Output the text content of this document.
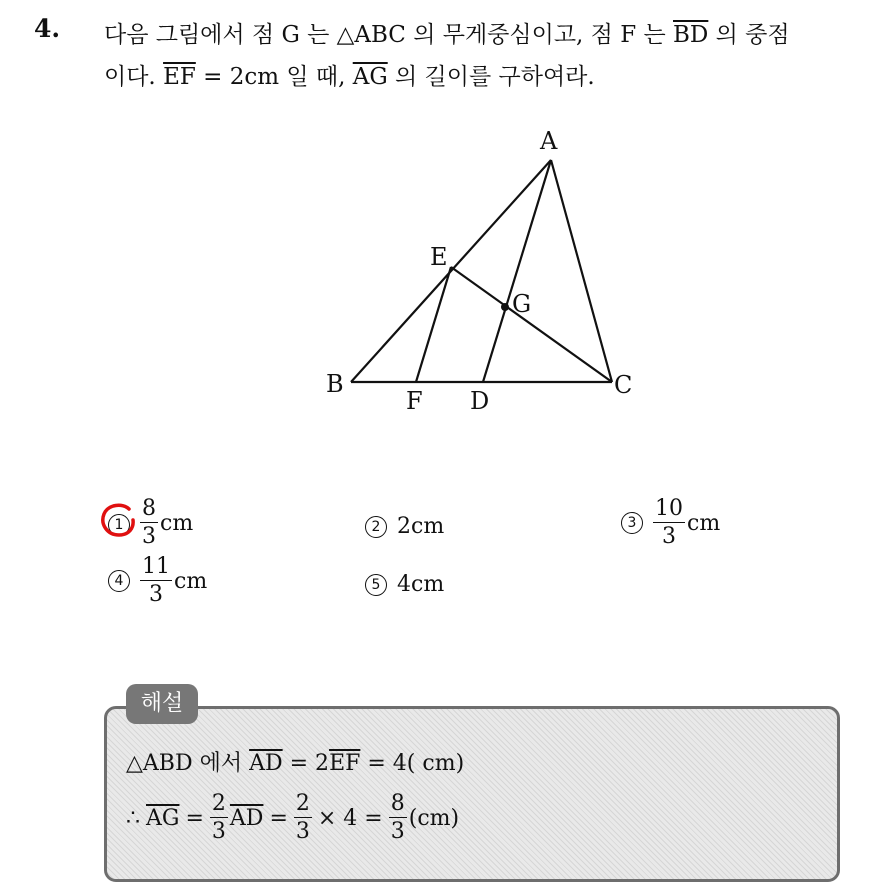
4. 다음 그림에서 점 G 는 △ABC 의 무게중심이고, 점 F 는 $\overline{BD}$ 의 중점
이다. $\overline{EF} = 2cm$ 일 때, $\overline{AG}$ 의 길이를 구하여라.
A
B	C
D
E
F
G
$1 \frac{8}{3}$ cm	2 2cm	$3 \frac{10}{3}$ cm
$4 \frac{11}{3}$ cm	5 4cm
해설
△ABD 에서 $\overline{AD} = 2\overline{EF} = 4$( cm)
∴ $\overline{AG} = \frac{2}{3} \overline{AD} = \frac{2}{3} \times 4 = \frac{8}{3} (cm)$
